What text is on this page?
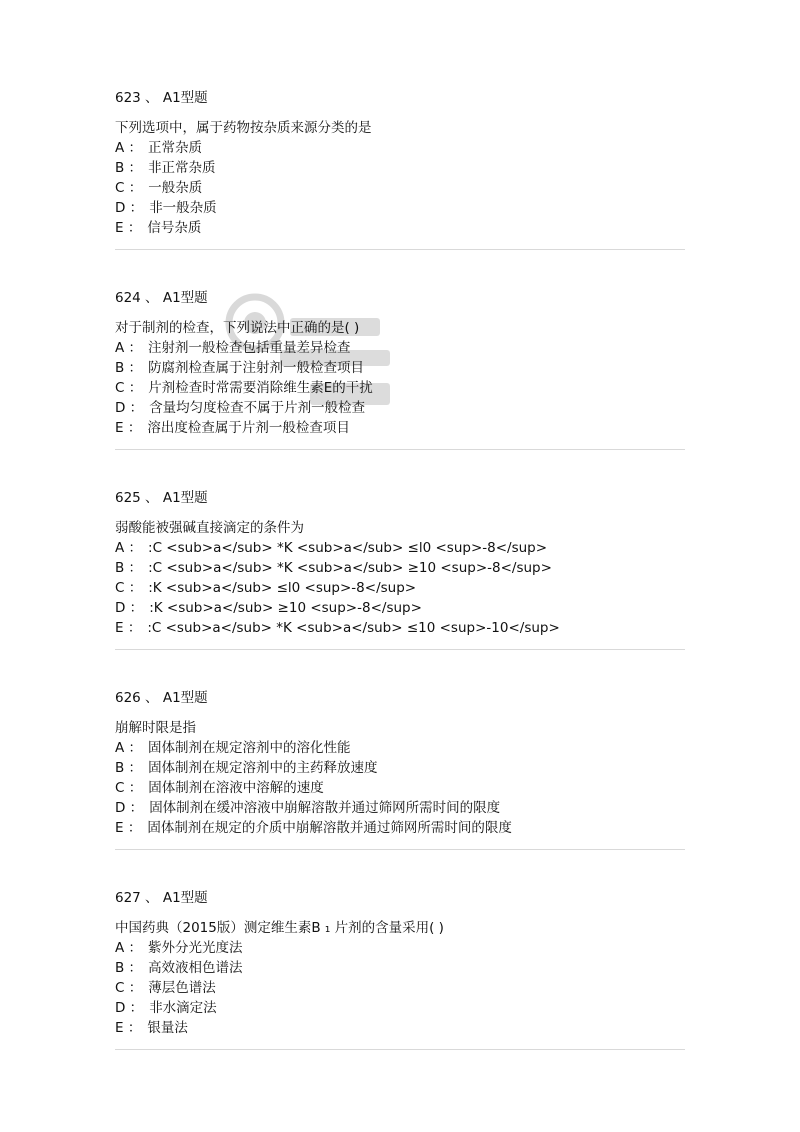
623 、 A1型题
下列选项中，属于药物按杂质来源分类的是
A ： 正常杂质
B ： 非正常杂质
C ： 一般杂质
D ： 非一般杂质
E ： 信号杂质
624 、 A1型题
对于制剂的检查，下列说法中正确的是( )
A ： 注射剂一般检查包括重量差异检查
B ： 防腐剂检查属于注射剂一般检查项目
C ： 片剂检查时常需要消除维生素E的干扰
D ： 含量均匀度检查不属于片剂一般检查
E ： 溶出度检查属于片剂一般检查项目
625 、 A1型题
弱酸能被强碱直接滴定的条件为
A ： :C <sub>a</sub> *K <sub>a</sub> ≤l0 <sup>-8</sup>
B ： :C <sub>a</sub> *K <sub>a</sub> ≥10 <sup>-8</sup>
C ： :K <sub>a</sub> ≤l0 <sup>-8</sup>
D ： :K <sub>a</sub> ≥10 <sup>-8</sup>
E ： :C <sub>a</sub> *K <sub>a</sub> ≤10 <sup>-10</sup>
626 、 A1型题
崩解时限是指
A ： 固体制剂在规定溶剂中的溶化性能
B ： 固体制剂在规定溶剂中的主药释放速度
C ： 固体制剂在溶液中溶解的速度
D ： 固体制剂在缓冲溶液中崩解溶散并通过筛网所需时间的限度
E ： 固体制剂在规定的介质中崩解溶散并通过筛网所需时间的限度
627 、 A1型题
中国药典（2015版）测定维生素B ₁ 片剂的含量采用( )
A ： 紫外分光光度法
B ： 高效液相色谱法
C ： 薄层色谱法
D ： 非水滴定法
E ： 银量法
